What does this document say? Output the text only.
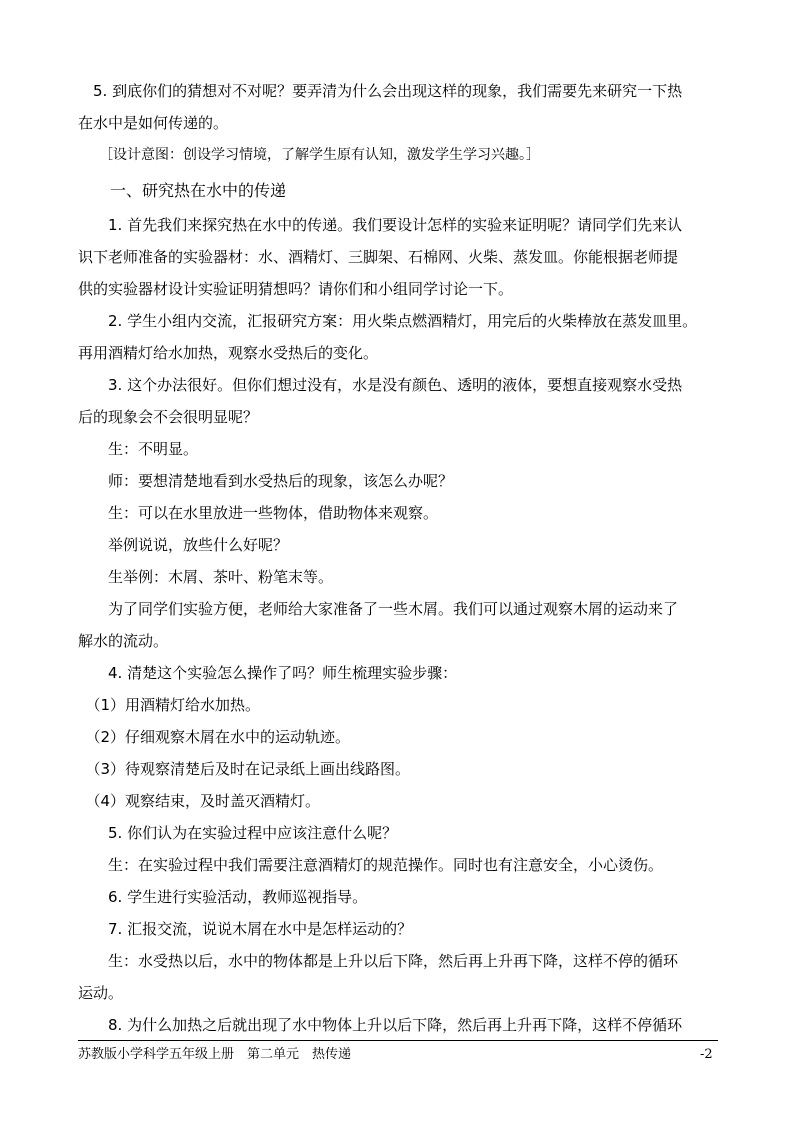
　5. 到底你们的猜想对不对呢？要弄清为什么会出现这样的现象，我们需要先来研究一下热
在水中是如何传递的。
　　［设计意图：创设学习情境，了解学生原有认知，激发学生学习兴趣。］
　　一、研究热在水中的传递
　　1. 首先我们来探究热在水中的传递。我们要设计怎样的实验来证明呢？请同学们先来认
识下老师准备的实验器材：水、酒精灯、三脚架、石棉网、火柴、蒸发皿。你能根据老师提
供的实验器材设计实验证明猜想吗？请你们和小组同学讨论一下。
　　2. 学生小组内交流，汇报研究方案：用火柴点燃酒精灯，用完后的火柴棒放在蒸发皿里。
再用酒精灯给水加热，观察水受热后的变化。
　　3. 这个办法很好。但你们想过没有，水是没有颜色、透明的液体，要想直接观察水受热
后的现象会不会很明显呢？
　　生：不明显。
　　师：要想清楚地看到水受热后的现象，该怎么办呢？
　　生：可以在水里放进一些物体，借助物体来观察。
　　举例说说，放些什么好呢？
　　生举例：木屑、茶叶、粉笔末等。
　　为了同学们实验方便，老师给大家准备了一些木屑。我们可以通过观察木屑的运动来了
解水的流动。
　　4. 清楚这个实验怎么操作了吗？师生梳理实验步骤：
　（1）用酒精灯给水加热。
　（2）仔细观察木屑在水中的运动轨迹。
　（3）待观察清楚后及时在记录纸上画出线路图。
　（4）观察结束，及时盖灭酒精灯。
　　5. 你们认为在实验过程中应该注意什么呢？
　　生：在实验过程中我们需要注意酒精灯的规范操作。同时也有注意安全，小心烫伤。
　　6. 学生进行实验活动，教师巡视指导。
　　7. 汇报交流，说说木屑在水中是怎样运动的？
　　生：水受热以后，水中的物体都是上升以后下降，然后再上升再下降，这样不停的循环
运动。
　　8. 为什么加热之后就出现了水中物体上升以后下降，然后再上升再下降，这样不停循环
苏教版小学科学五年级上册　第二单元　热传递	-2
